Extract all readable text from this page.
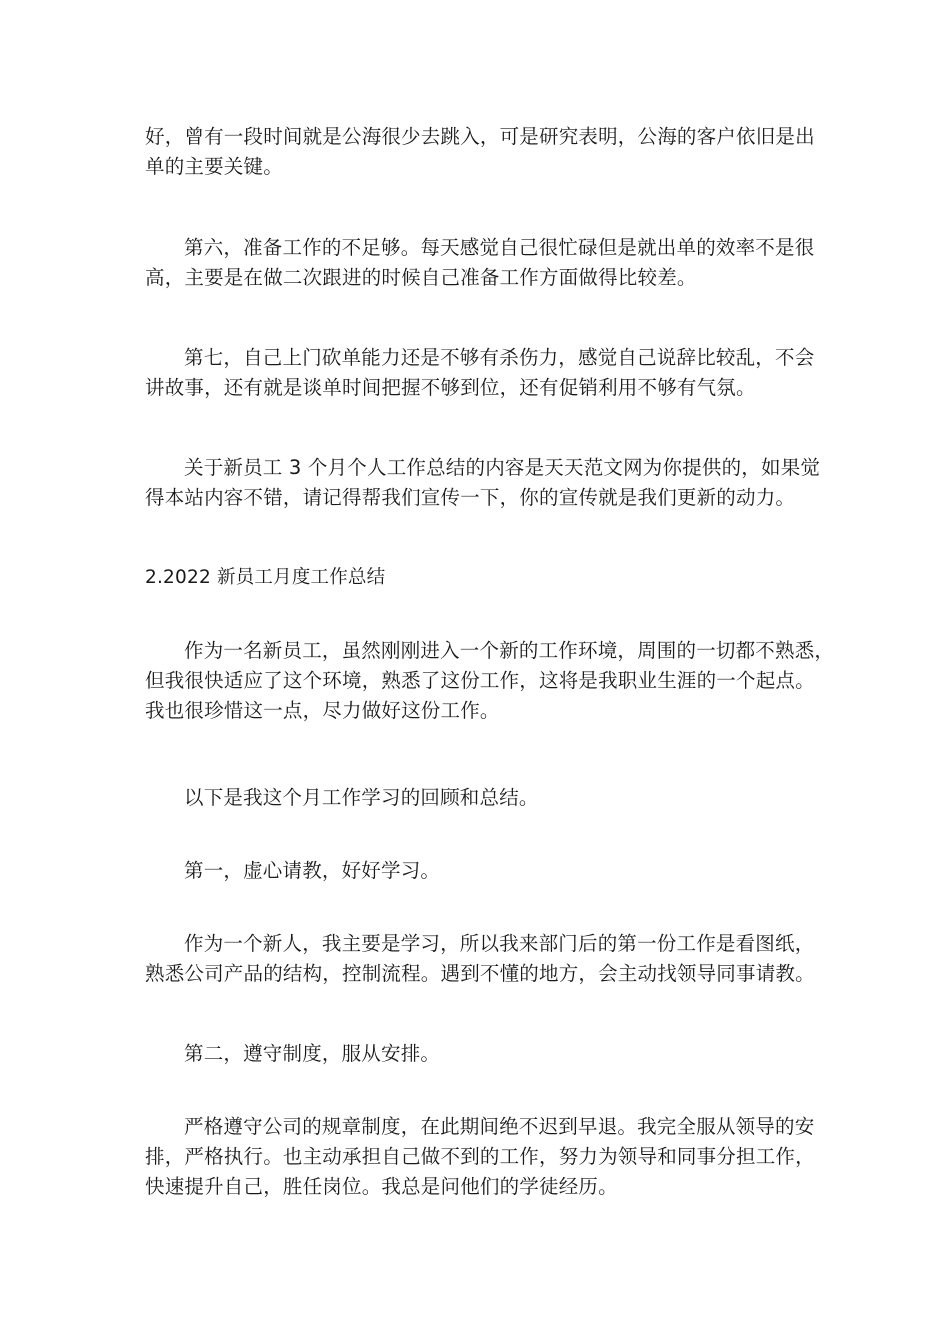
好，曾有一段时间就是公海很少去跳入，可是研究表明，公海的客户依旧是出
单的主要关键。
第六，准备工作的不足够。每天感觉自己很忙碌但是就出单的效率不是很
高，主要是在做二次跟进的时候自己准备工作方面做得比较差。
第七，自己上门砍单能力还是不够有杀伤力，感觉自己说辞比较乱，不会
讲故事，还有就是谈单时间把握不够到位，还有促销利用不够有气氛。
关于新员工 3 个月个人工作总结的内容是天天范文网为你提供的，如果觉
得本站内容不错，请记得帮我们宣传一下，你的宣传就是我们更新的动力。
2.2022 新员工月度工作总结
作为一名新员工，虽然刚刚进入一个新的工作环境，周围的一切都不熟悉，
但我很快适应了这个环境，熟悉了这份工作，这将是我职业生涯的一个起点。
我也很珍惜这一点，尽力做好这份工作。
以下是我这个月工作学习的回顾和总结。
第一，虚心请教，好好学习。
作为一个新人，我主要是学习，所以我来部门后的第一份工作是看图纸，
熟悉公司产品的结构，控制流程。遇到不懂的地方，会主动找领导同事请教。
第二，遵守制度，服从安排。
严格遵守公司的规章制度，在此期间绝不迟到早退。我完全服从领导的安
排，严格执行。也主动承担自己做不到的工作，努力为领导和同事分担工作，
快速提升自己，胜任岗位。我总是问他们的学徒经历。
